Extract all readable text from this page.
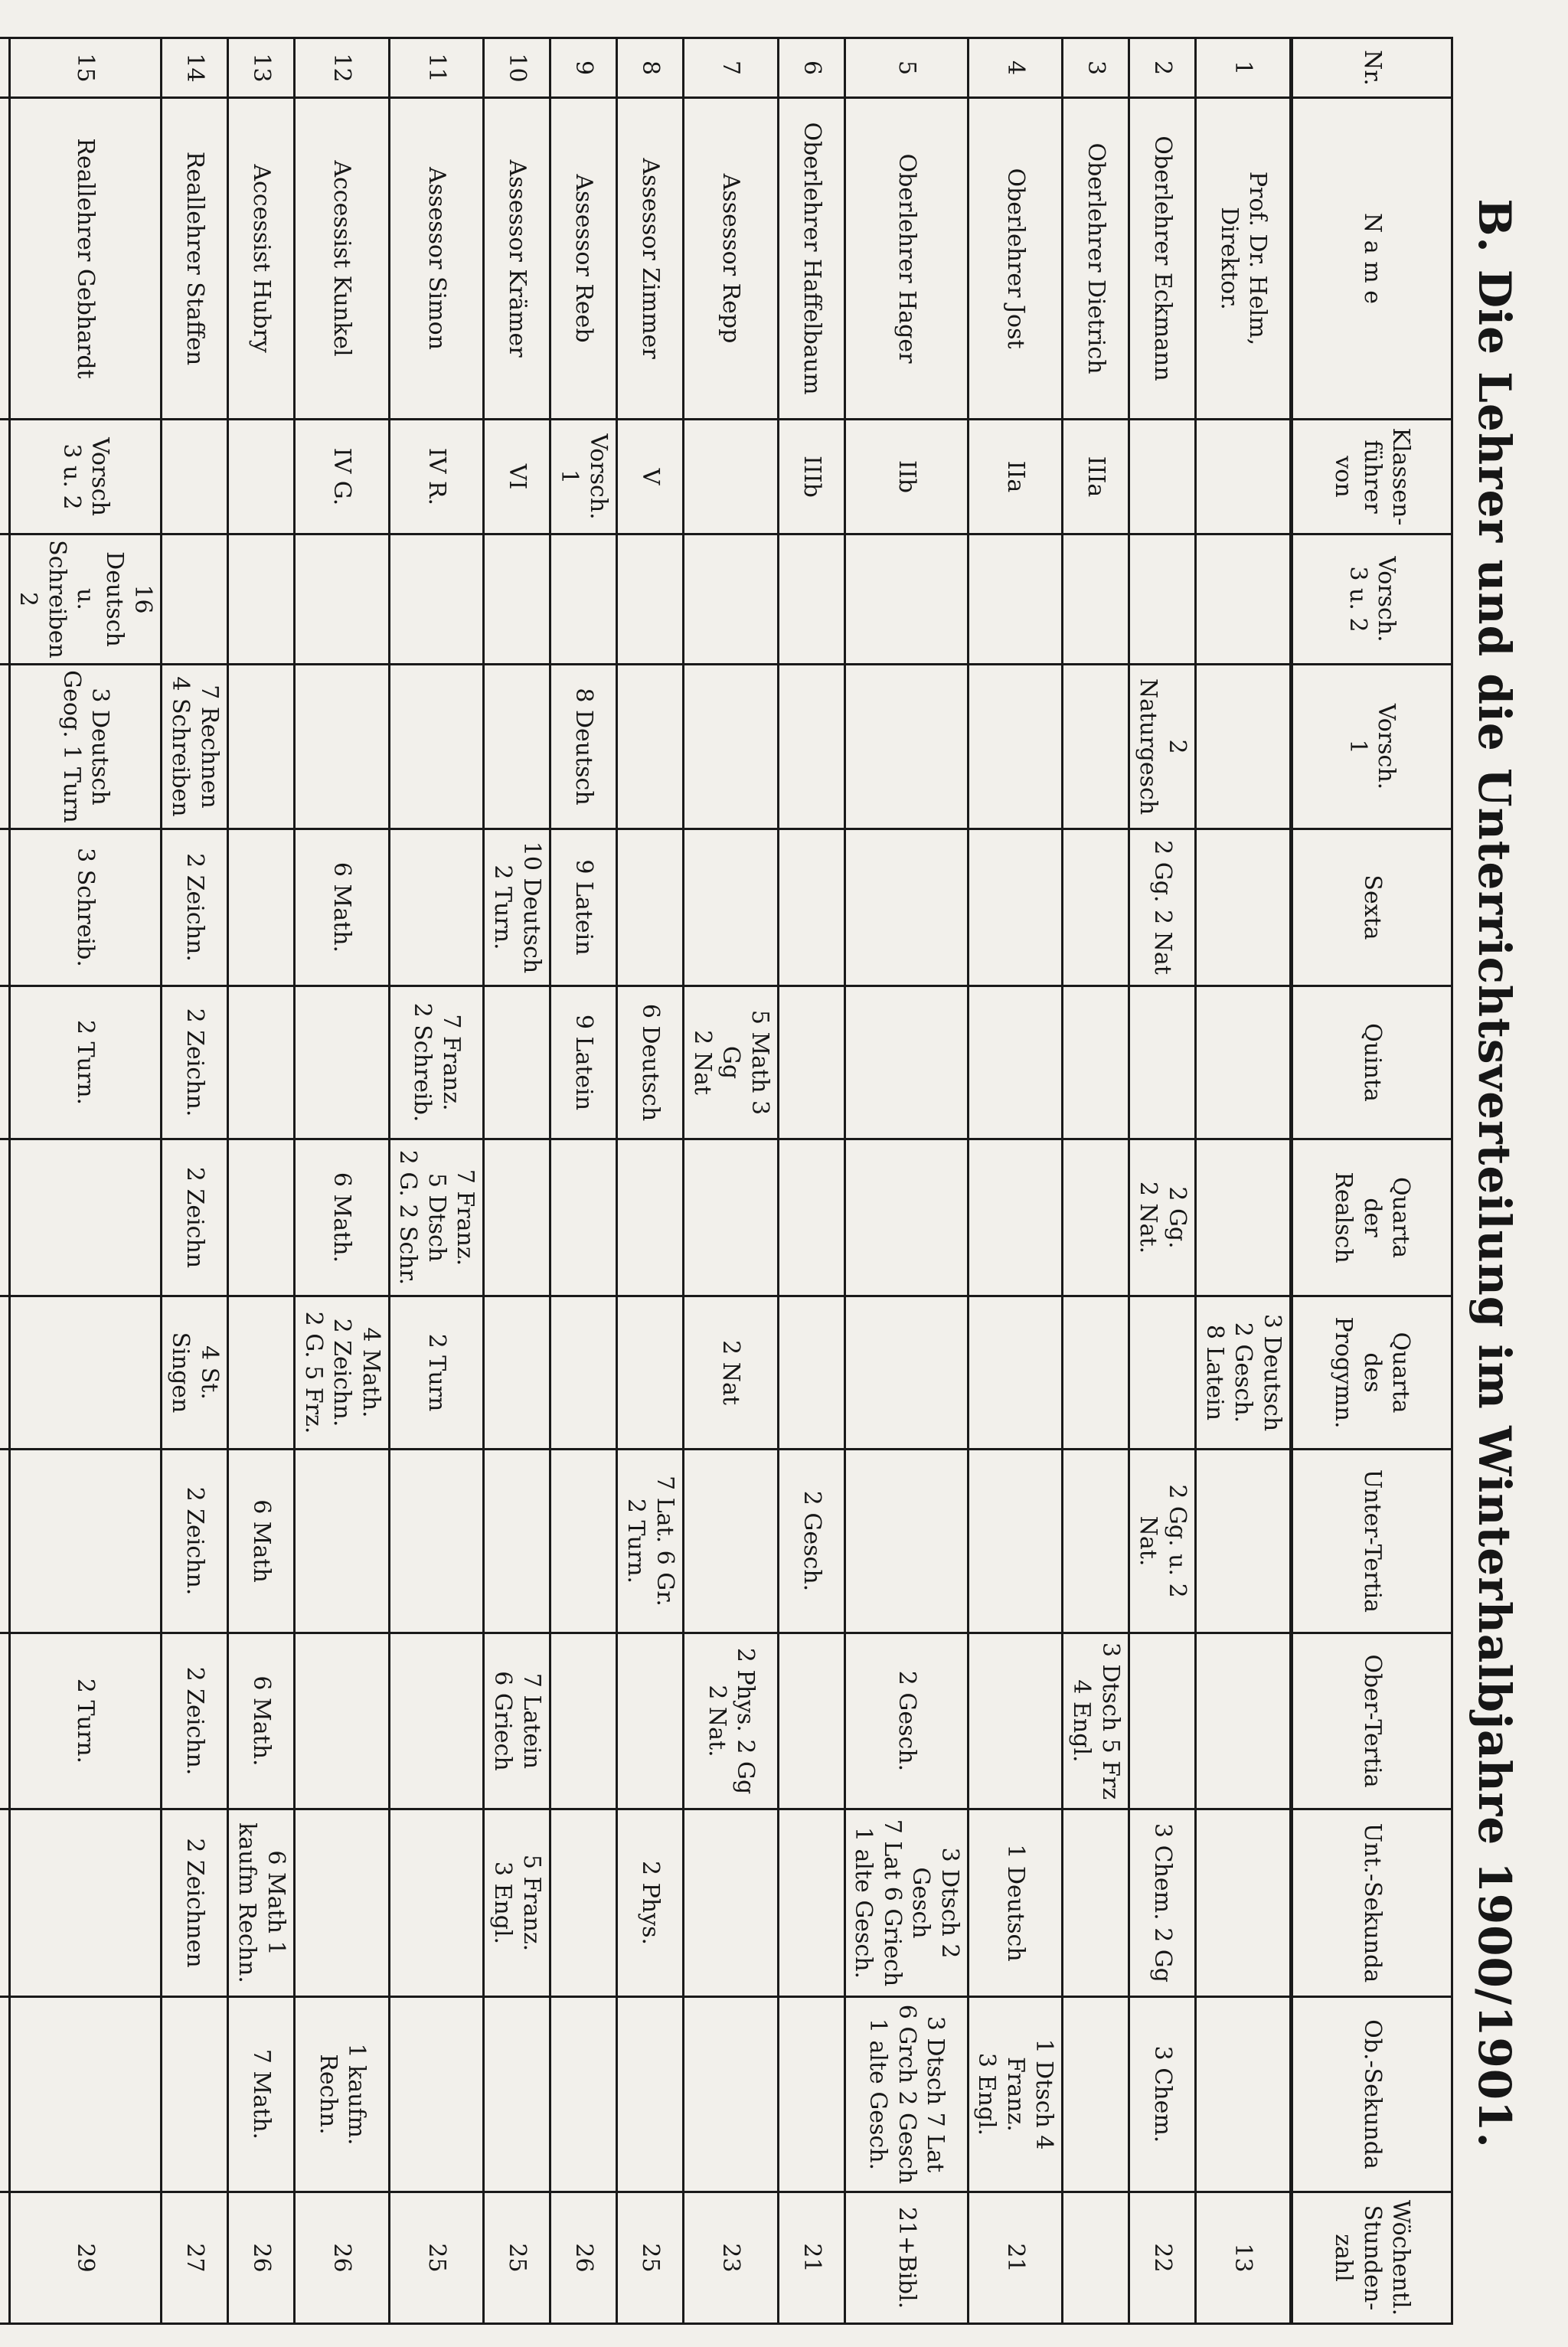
B. Die Lehrer und die Unterrichtsverteilung im Winterhalbjahre 1900/1901.
Nr.	N a m e	Klassen-
führer
von	Vorsch.
3 u. 2	Vorsch.
1	Sexta	Quinta	Quarta
der
Realsch	Quarta
des
Progymn.	Unter-Tertia	Ober-Tertia	Unt.-Sekunda	Ob.-Sekunda	Wöchentl.
Stunden-
zahl
1	Prof. Dr. Helm,
Direktor.							3 Deutsch
2 Gesch.
8 Latein					13
2	Oberlehrer Eckmann			2 Naturgesch	2 Gg. 2 Nat		2 Gg.
2 Nat.		2 Gg. u. 2
Nat.		3 Chem. 2 Gg	3 Chem.	22
3	Oberlehrer Dietrich	IIIa								3 Dtsch 5 Frz
4 Engl.			
4	Oberlehrer Jost	IIa									1 Deutsch	1 Dtsch 4 Franz.
3 Engl.	21
5	Oberlehrer Hager	IIb								2 Gesch.	3 Dtsch 2 Gesch
7 Lat 6 Griech
1 alte Gesch.	3 Dtsch 7 Lat
6 Grch 2 Gesch
1 alte Gesch.	21+Bibl.
6	Oberlehrer Haffelbaum	IIIb							2 Gesch.				21
7	Assessor Repp					5 Math 3 Gg
2 Nat		2 Nat		2 Phys. 2 Gg
2 Nat.			23
8	Assessor Zimmer	V				6 Deutsch			7 Lat. 6 Gr.
2 Turn.		2 Phys.		25
9	Assessor Reeb	Vorsch.
1		8 Deutsch	9 Latein	9 Latein							26
10	Assessor Krämer	VI			10 Deutsch
2 Turn.					7 Latein
6 Griech	5 Franz.
3 Engl.		25
11	Assessor Simon	IV R.				7 Franz.
2 Schreib.	7 Franz.
5 Dtsch
2 G. 2 Schr.	2 Turn					25
12	Accessist Kunkel	IV G.			6 Math.		6 Math.	4 Math.
2 Zeichn.
2 G. 5 Frz.				1 kaufm.
Rechn.	26
13	Accessist Hubry								6 Math	6 Math.	6 Math 1
kaufm Rechn.	7 Math.	26
14	Reallehrer Staffen			7 Rechnen
4 Schreiben	2 Zeichn.	2 Zeichn.	2 Zeichn	4 St. Singen	2 Zeichn.	2 Zeichn.	2 Zeichnen		27
15	Reallehrer Gebhardt	Vorsch
3 u. 2	16 Deutsch u.
Schreiben 2	3 Deutsch
Geog. 1 Turn	3 Schreib.	2 Turn.				2 Turn.			29
